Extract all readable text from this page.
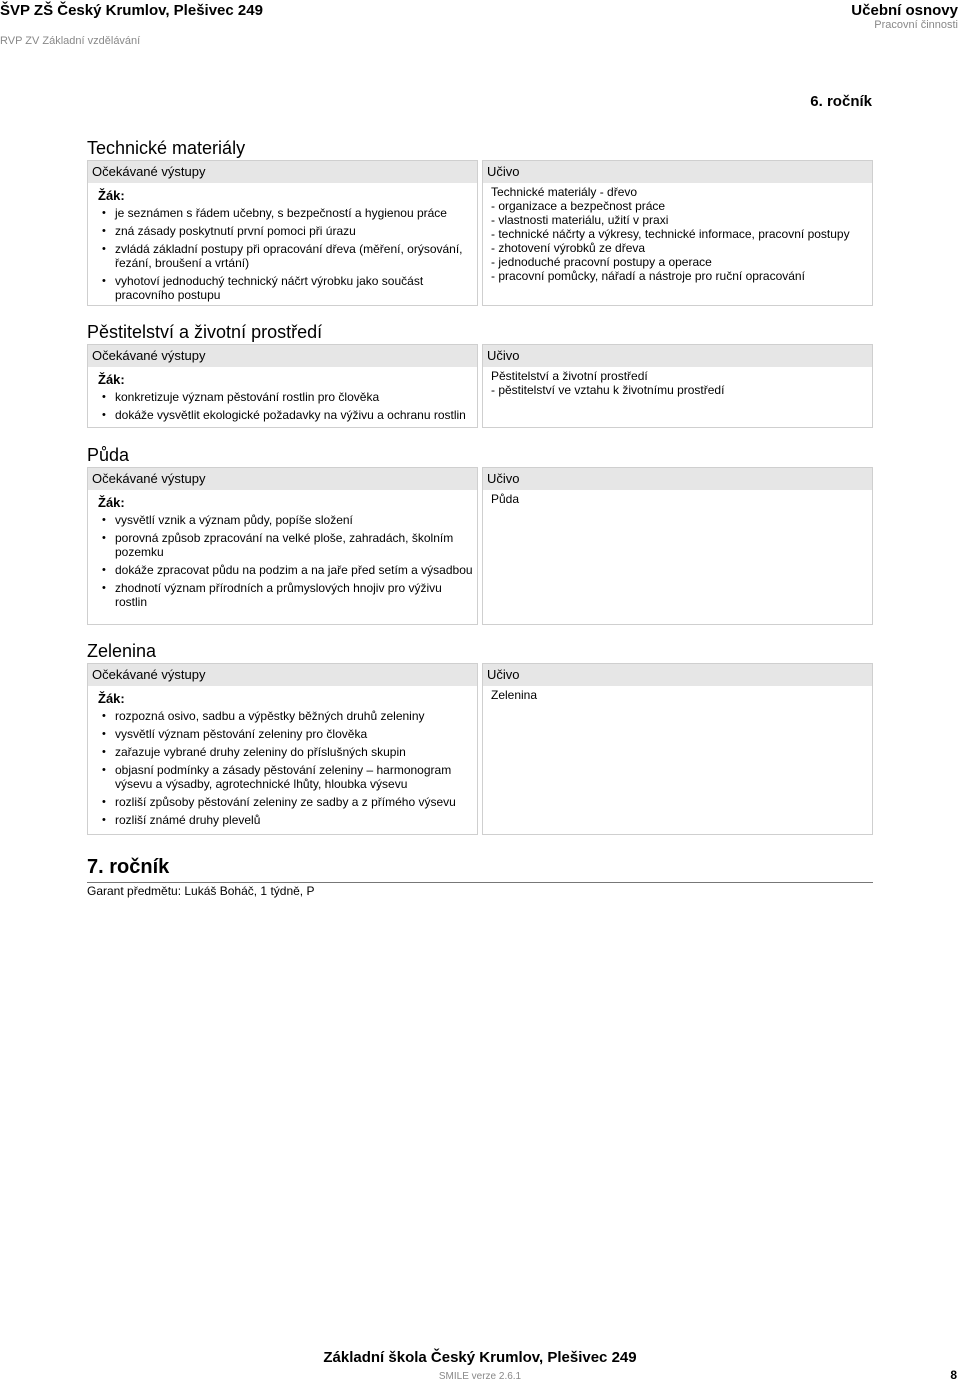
ŠVP ZŠ Český Krumlov, Plešivec 249
RVP ZV Základní vzdělávání
Učební osnovy
Pracovní činnosti
6. ročník
Technické materiály
Očekávané výstupy
Žák:
• je seznámen s řádem učebny, s bezpečností a hygienou práce
• zná zásady poskytnutí první pomoci při úrazu
• zvládá základní postupy při opracování dřeva (měření, orýsování, řezání, broušení a vrtání)
• vyhotoví jednoduchý technický náčrt výrobku jako součást pracovního postupu
Učivo
Technické materiály - dřevo
- organizace a bezpečnost práce
- vlastnosti materiálu, užití v praxi
- technické náčrty a výkresy, technické informace, pracovní postupy
- zhotovení výrobků ze dřeva
- jednoduché pracovní postupy a operace
- pracovní pomůcky, nářadí a nástroje pro ruční opracování
Pěstitelství a životní prostředí
Očekávané výstupy
Žák:
• konkretizuje význam pěstování rostlin pro člověka
• dokáže vysvětlit ekologické požadavky na výživu a ochranu rostlin
Učivo
Pěstitelství a životní prostředí
- pěstitelství ve vztahu k životnímu prostředí
Půda
Očekávané výstupy
Žák:
• vysvětlí vznik a význam půdy, popíše složení
• porovná způsob zpracování na velké ploše, zahradách, školním pozemku
• dokáže zpracovat půdu na podzim a na jaře před setím a výsadbou
• zhodnotí význam přírodních a průmyslových hnojiv pro výživu rostlin
Učivo
Půda
Zelenina
Očekávané výstupy
Žák:
• rozpozná osivo, sadbu a výpěstky běžných druhů zeleniny
• vysvětlí význam pěstování zeleniny pro člověka
• zařazuje vybrané druhy zeleniny do příslušných skupin
• objasní podmínky a zásady pěstování zeleniny – harmonogram výsevu a výsadby, agrotechnické lhůty, hloubka výsevu
• rozliší způsoby pěstování zeleniny ze sadby a z přímého výsevu
• rozliší známé druhy plevelů
Učivo
Zelenina
7. ročník
Garant předmětu: Lukáš Boháč, 1 týdně, P
Základní škola Český Krumlov, Plešivec 249
SMILE verze 2.6.1	8
